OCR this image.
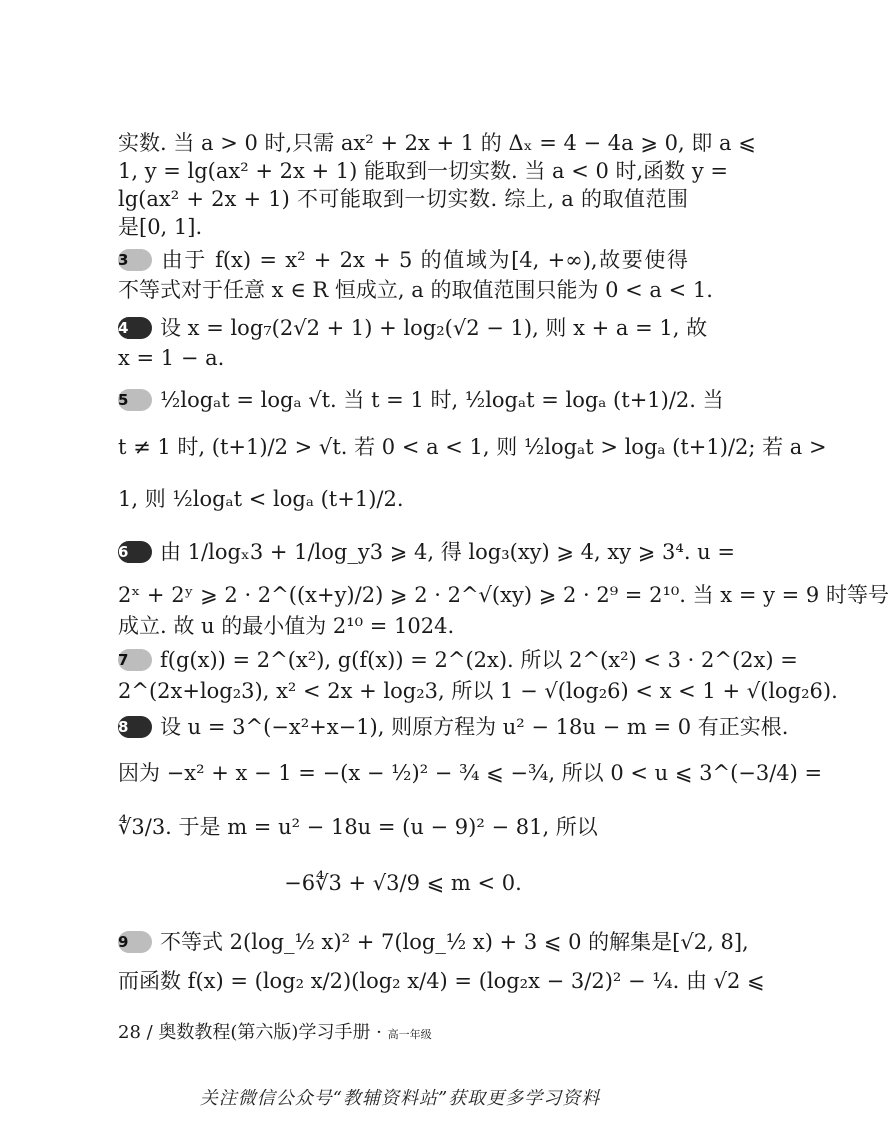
实数. 当 a > 0 时,只需 ax² + 2x + 1 的 Δₓ = 4 − 4a ⩾ 0, 即 a ⩽
1, y = lg(ax² + 2x + 1) 能取到一切实数. 当 a < 0 时,函数 y =
lg(ax² + 2x + 1) 不可能取到一切实数. 综上, a 的取值范围
是[0, 1].
3 由于 f(x) = x² + 2x + 5 的值域为[4, +∞),故要使得
不等式对于任意 x ∈ R 恒成立, a 的取值范围只能为 0 < a < 1.
4 设 x = log₇(2√2 + 1) + log₂(√2 − 1), 则 x + a = 1, 故
x = 1 − a.
5 ½logₐt = logₐ √t. 当 t = 1 时, ½logₐt = logₐ (t+1)/2. 当
t ≠ 1 时, (t+1)/2 > √t. 若 0 < a < 1, 则 ½logₐt > logₐ (t+1)/2; 若 a >
1, 则 ½logₐt < logₐ (t+1)/2.
6 由 1/logₓ3 + 1/log_y3 ⩾ 4, 得 log₃(xy) ⩾ 4, xy ⩾ 3⁴. u =
2ˣ + 2ʸ ⩾ 2 · 2^((x+y)/2) ⩾ 2 · 2^√(xy) ⩾ 2 · 2⁹ = 2¹⁰. 当 x = y = 9 时等号
成立. 故 u 的最小值为 2¹⁰ = 1024.
7 f(g(x)) = 2^(x²), g(f(x)) = 2^(2x). 所以 2^(x²) < 3 · 2^(2x) =
2^(2x+log₂3), x² < 2x + log₂3, 所以 1 − √(log₂6) < x < 1 + √(log₂6).
8 设 u = 3^(−x²+x−1), 则原方程为 u² − 18u − m = 0 有正实根.
因为 −x² + x − 1 = −(x − ½)² − ¾ ⩽ −¾, 所以 0 < u ⩽ 3^(−3/4) =
∜3/3. 于是 m = u² − 18u = (u − 9)² − 81, 所以
−6∜3 + √3/9 ⩽ m < 0.
9 不等式 2(log_½ x)² + 7(log_½ x) + 3 ⩽ 0 的解集是[√2, 8],
而函数 f(x) = (log₂ x/2)(log₂ x/4) = (log₂x − 3/2)² − ¼. 由 √2 ⩽
28 / 奥数教程(第六版)学习手册 · 高一年级
关注微信公众号“教辅资料站”获取更多学习资料
